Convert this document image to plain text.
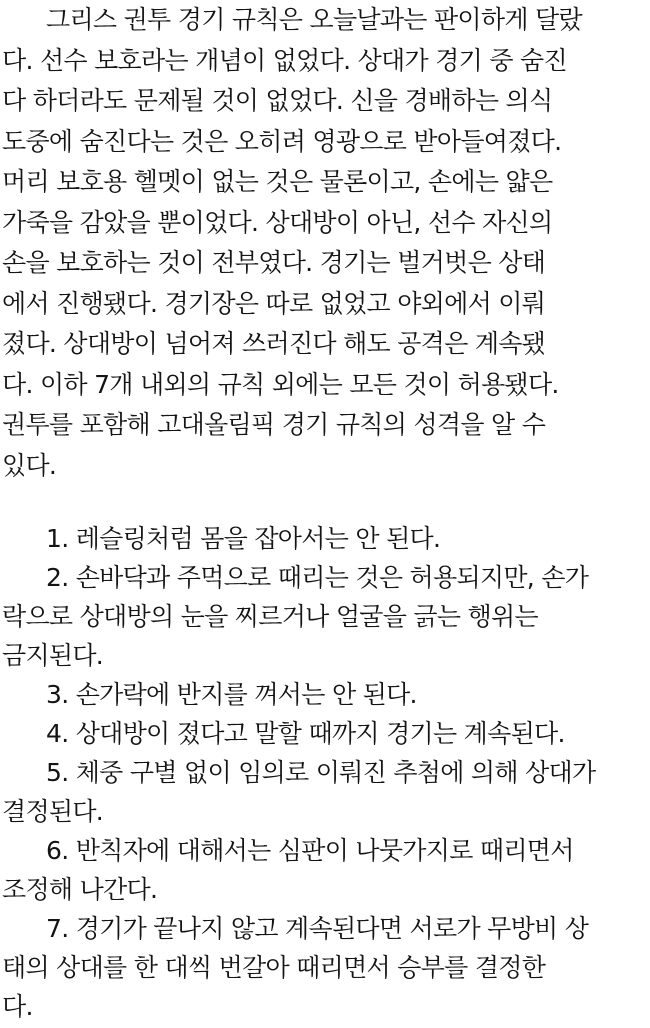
그리스 권투 경기 규칙은 오늘날과는 판이하게 달랐

다. 선수 보호라는 개념이 없었다. 상대가 경기 중 숨진

다 하더라도 문제될 것이 없었다. 신을 경배하는 의식

도중에 숨진다는 것은 오히려 영광으로 받아들여졌다.

머리 보호용 헬멧이 없는 것은 물론이고, 손에는 얇은

가죽을 감았을 뿐이었다. 상대방이 아닌, 선수 자신의

손을 보호하는 것이 전부였다. 경기는 벌거벗은 상태

에서 진행됐다. 경기장은 따로 없었고 야외에서 이뤄

졌다. 상대방이 넘어져 쓰러진다 해도 공격은 계속됐

다. 이하 7개 내외의 규칙 외에는 모든 것이 허용됐다.

권투를 포함해 고대올림픽 경기 규칙의 성격을 알 수

있다.

1. 레슬링처럼 몸을 잡아서는 안 된다.

2. 손바닥과 주먹으로 때리는 것은 허용되지만, 손가

락으로 상대방의 눈을 찌르거나 얼굴을 긁는 행위는

금지된다.

3. 손가락에 반지를 껴서는 안 된다.

4. 상대방이 졌다고 말할 때까지 경기는 계속된다.

5. 체중 구별 없이 임의로 이뤄진 추첨에 의해 상대가

결정된다.

6. 반칙자에 대해서는 심판이 나뭇가지로 때리면서

조정해 나간다.

7. 경기가 끝나지 않고 계속된다면 서로가 무방비 상

태의 상대를 한 대씩 번갈아 때리면서 승부를 결정한

다.
